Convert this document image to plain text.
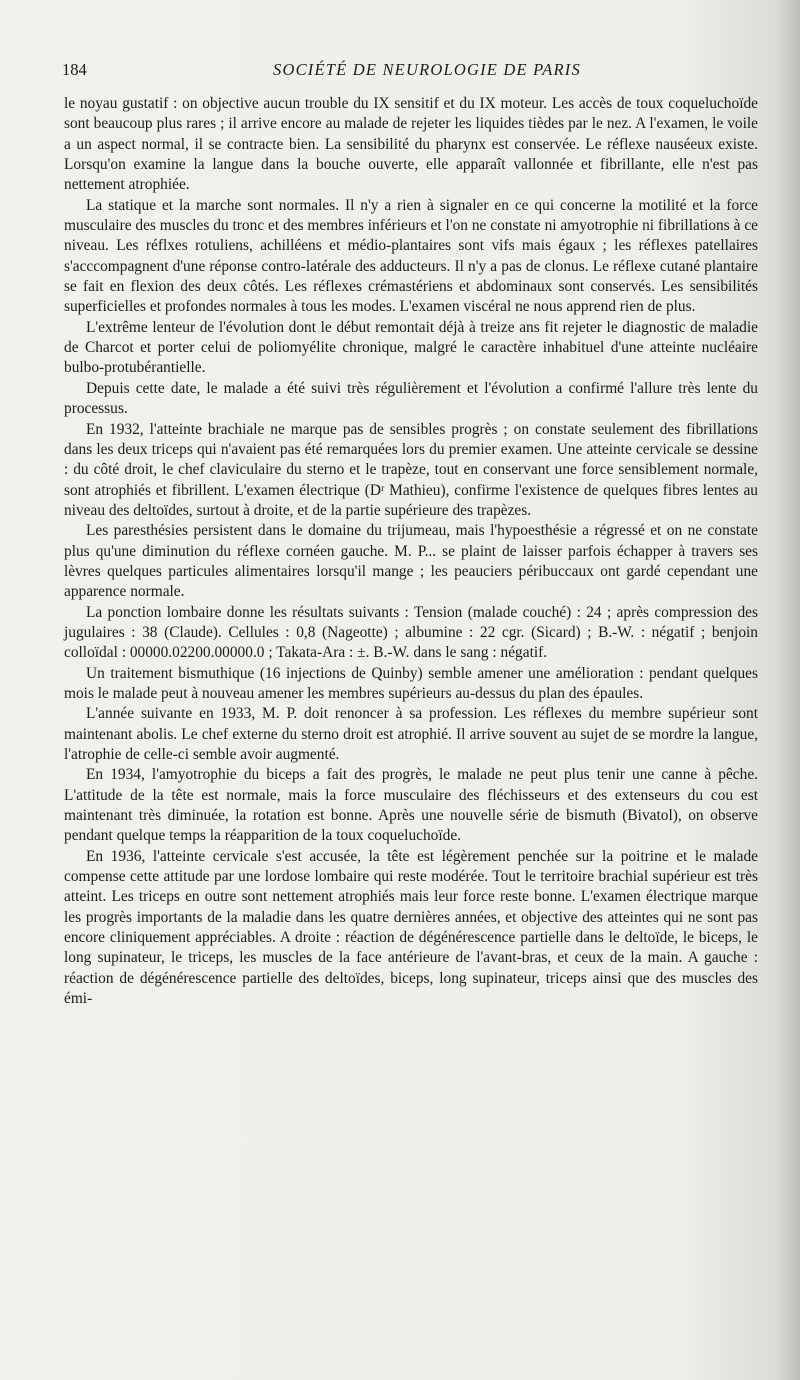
184	SOCIÉTÉ DE NEUROLOGIE DE PARIS

le noyau gustatif : on objective aucun trouble du IX sensitif et du IX moteur. Les accès de toux coqueluchoïde sont beaucoup plus rares ; il arrive encore au malade de rejeter les liquides tièdes par le nez. A l'examen, le voile a un aspect normal, il se contracte bien. La sensibilité du pharynx est conservée. Le réflexe nauséeux existe. Lorsqu'on examine la langue dans la bouche ouverte, elle apparaît vallonnée et fibrillante, elle n'est pas nettement atrophiée.

La statique et la marche sont normales. Il n'y a rien à signaler en ce qui concerne la motilité et la force musculaire des muscles du tronc et des membres inférieurs et l'on ne constate ni amyotrophie ni fibrillations à ce niveau. Les réflxes rotuliens, achilléens et médio-plantaires sont vifs mais égaux ; les réflexes patellaires s'acccompagnent d'une réponse contro-latérale des adducteurs. Il n'y a pas de clonus. Le réflexe cutané plantaire se fait en flexion des deux côtés. Les réflexes crémastériens et abdominaux sont conservés. Les sensibilités superficielles et profondes normales à tous les modes. L'examen viscéral ne nous apprend rien de plus.

L'extrême lenteur de l'évolution dont le début remontait déjà à treize ans fit rejeter le diagnostic de maladie de Charcot et porter celui de poliomyélite chronique, malgré le caractère inhabituel d'une atteinte nucléaire bulbo-protubérantielle.

Depuis cette date, le malade a été suivi très régulièrement et l'évolution a confirmé l'allure très lente du processus.

En 1932, l'atteinte brachiale ne marque pas de sensibles progrès ; on constate seulement des fibrillations dans les deux triceps qui n'avaient pas été remarquées lors du premier examen. Une atteinte cervicale se dessine : du côté droit, le chef claviculaire du sterno et le trapèze, tout en conservant une force sensiblement normale, sont atrophiés et fibrillent. L'examen électrique (Dʳ Mathieu), confirme l'existence de quelques fibres lentes au niveau des deltoïdes, surtout à droite, et de la partie supérieure des trapèzes.

Les paresthésies persistent dans le domaine du trijumeau, mais l'hypoesthésie a régressé et on ne constate plus qu'une diminution du réflexe cornéen gauche. M. P... se plaint de laisser parfois échapper à travers ses lèvres quelques particules alimentaires lorsqu'il mange ; les peauciers péribuccaux ont gardé cependant une apparence normale.

La ponction lombaire donne les résultats suivants : Tension (malade couché) : 24 ; après compression des jugulaires : 38 (Claude). Cellules : 0,8 (Nageotte) ; albumine : 22 cgr. (Sicard) ; B.-W. : négatif ; benjoin colloïdal : 00000.02200.00000.0 ; Takata-Ara : ±. B.-W. dans le sang : négatif.

Un traitement bismuthique (16 injections de Quinby) semble amener une amélioration : pendant quelques mois le malade peut à nouveau amener les membres supérieurs au-dessus du plan des épaules.

L'année suivante en 1933, M. P. doit renoncer à sa profession. Les réflexes du membre supérieur sont maintenant abolis. Le chef externe du sterno droit est atrophié. Il arrive souvent au sujet de se mordre la langue, l'atrophie de celle-ci semble avoir augmenté.

En 1934, l'amyotrophie du biceps a fait des progrès, le malade ne peut plus tenir une canne à pêche. L'attitude de la tête est normale, mais la force musculaire des fléchisseurs et des extenseurs du cou est maintenant très diminuée, la rotation est bonne. Après une nouvelle série de bismuth (Bivatol), on observe pendant quelque temps la réapparition de la toux coqueluchoïde.

En 1936, l'atteinte cervicale s'est accusée, la tête est légèrement penchée sur la poitrine et le malade compense cette attitude par une lordose lombaire qui reste modérée. Tout le territoire brachial supérieur est très atteint. Les triceps en outre sont nettement atrophiés mais leur force reste bonne. L'examen électrique marque les progrès importants de la maladie dans les quatre dernières années, et objective des atteintes qui ne sont pas encore cliniquement appréciables. A droite : réaction de dégénérescence partielle dans le deltoïde, le biceps, le long supinateur, le triceps, les muscles de la face antérieure de l'avant-bras, et ceux de la main. A gauche : réaction de dégénérescence partielle des deltoïdes, biceps, long supinateur, triceps ainsi que des muscles des émi-
